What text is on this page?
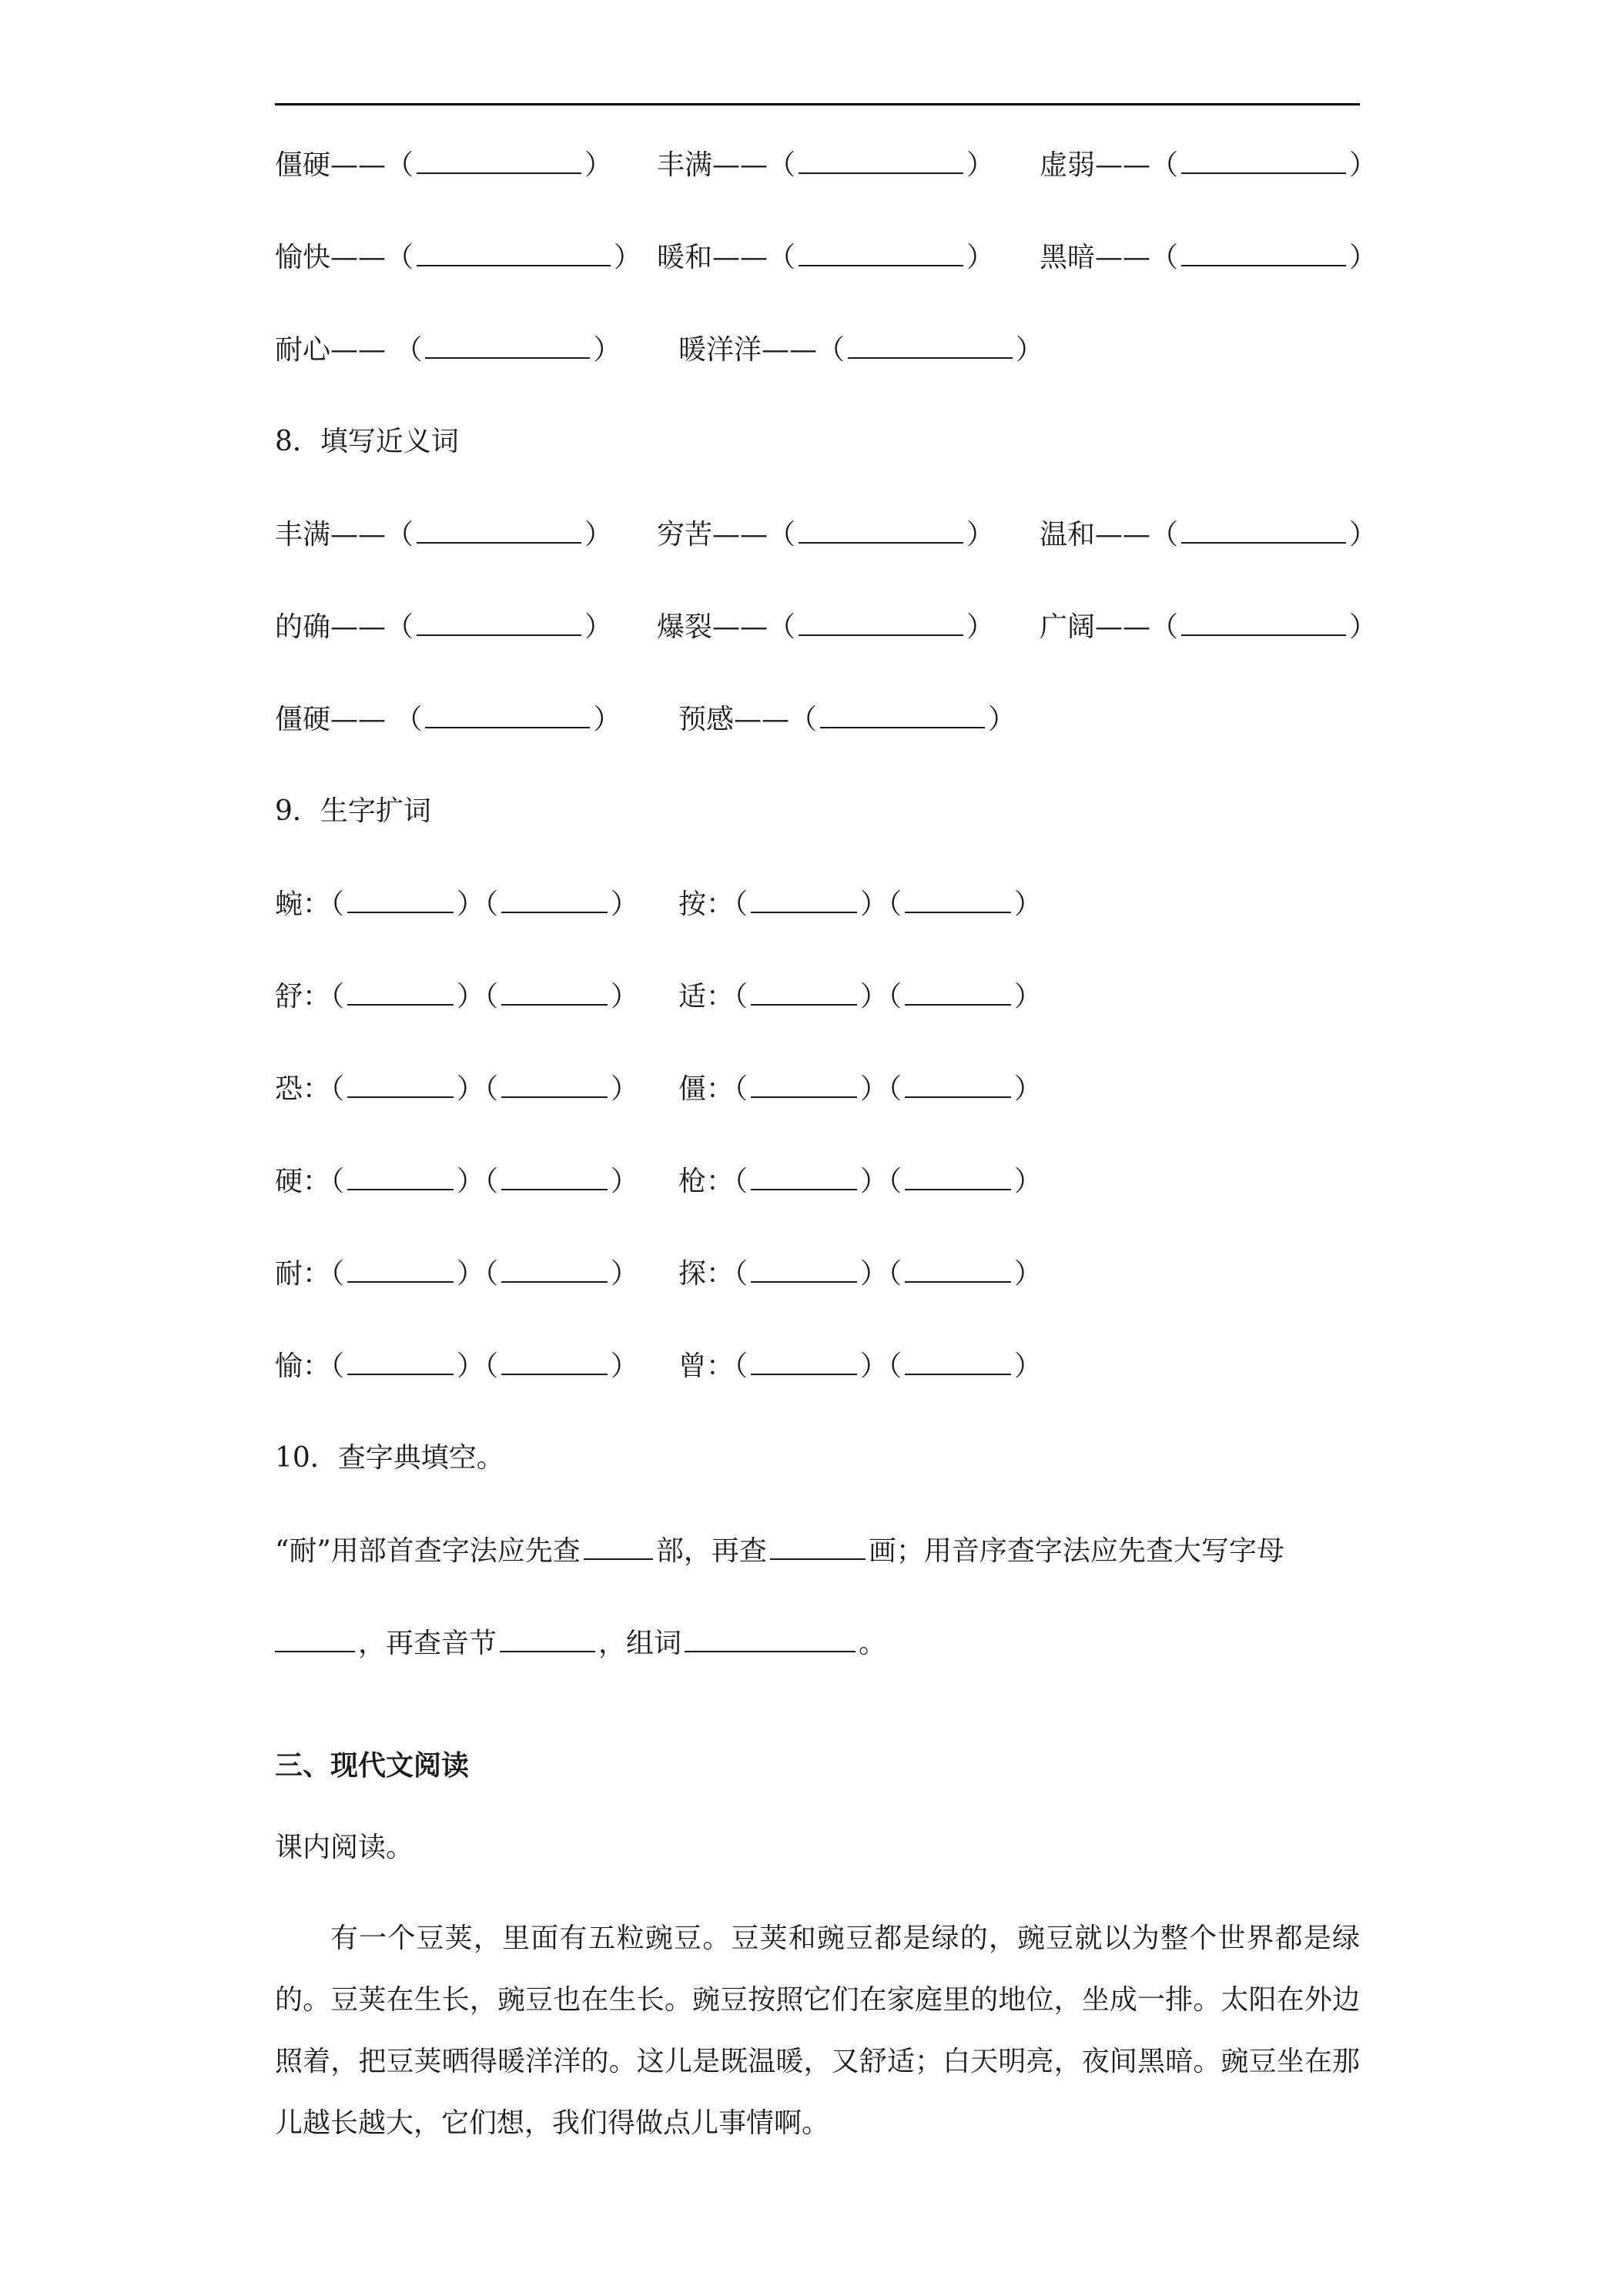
僵硬——（	） 丰满——（	） 虚弱——（	）
愉快——（	） 暖和——（	） 黑暗——（	）
耐心—— （	） 暖洋洋——（	）
8．填写近义词
丰满——（	） 穷苦——（	） 温和——（	）
的确——（	） 爆裂——（	） 广阔——（	）
僵硬—— （	） 预感——（	）
9．生字扩词
蜿：（	）（	） 按：（	）（	）
舒：（	）（	） 适：（	）（	）
恐：（	）（	） 僵：（	）（	）
硬：（	）（	） 枪：（	）（	）
耐：（	）（	） 探：（	）（	）
愉：（	）（	） 曾：（	）（	）
10．查字典填空。
“耐”用部首查字法应先查	部，再查	画；用音序查字法应先查大写字母
，再查音节	，组词	。
三、现代文阅读
课内阅读。

有一个豆荚，里面有五粒豌豆。豆荚和豌豆都是绿的，豌豆就以为整个世界都是绿的。豆荚在生长，豌豆也在生长。豌豆按照它们在家庭里的地位，坐成一排。太阳在外边照着，把豆荚晒得暖洋洋的。这儿是既温暖，又舒适；白天明亮，夜间黑暗。豌豆坐在那儿越长越大，它们想，我们得做点儿事情啊。
